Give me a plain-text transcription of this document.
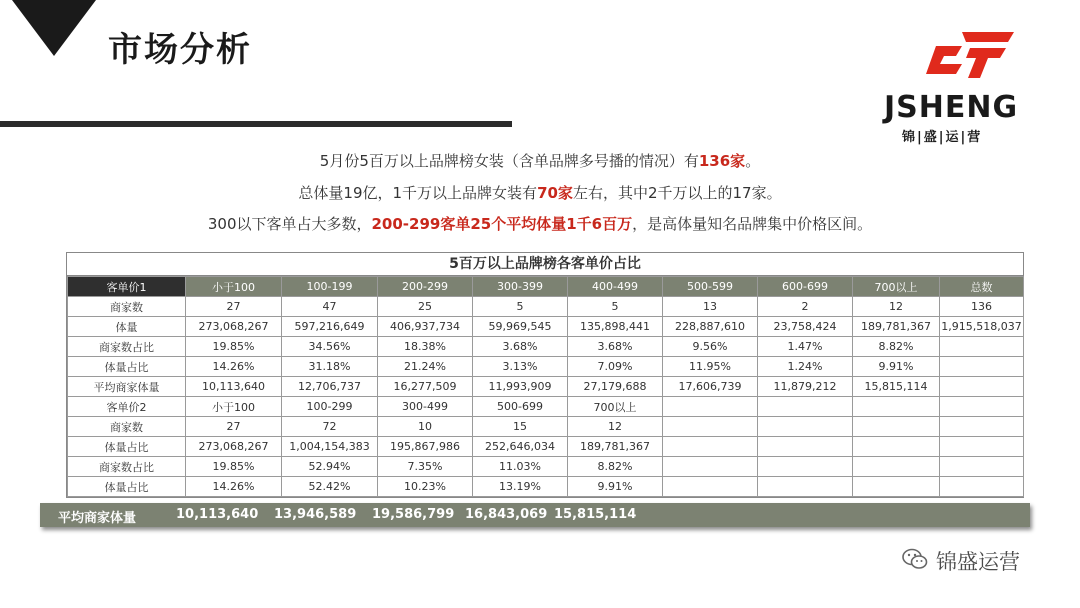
市场分析
JSHENG
锦|盛|运|营
5月份5百万以上品牌榜女装（含单品牌多号播的情况）有136家。
总体量19亿，1千万以上品牌女装有70家左右，其中2千万以上的17家。
300以下客单占大多数，200-299客单25个平均体量1千6百万，是高体量知名品牌集中价格区间。
5百万以上品牌榜各客单价占比
客单价1	小于100	100-199	200-299	300-399	400-499	500-599	600-699	700以上	总数
商家数	27	47	25	5	5	13	2	12	136
体量	273,068,267	597,216,649	406,937,734	59,969,545	135,898,441	228,887,610	23,758,424	189,781,367	1,915,518,037
商家数占比	19.85%	34.56%	18.38%	3.68%	3.68%	9.56%	1.47%	8.82%	
体量占比	14.26%	31.18%	21.24%	3.13%	7.09%	11.95%	1.24%	9.91%	
平均商家体量	10,113,640	12,706,737	16,277,509	11,993,909	27,179,688	17,606,739	11,879,212	15,815,114	
客单价2	小于100	100-299	300-499	500-699	700以上				
商家数	27	72	10	15	12				
体量占比	273,068,267	1,004,154,383	195,867,986	252,646,034	189,781,367				
商家数占比	19.85%	52.94%	7.35%	11.03%	8.82%				
体量占比	14.26%	52.42%	10.23%	13.19%	9.91%				
平均商家体量	10,113,640 13,946,589 19,586,799 16,843,069 15,815,114
锦盛运营
